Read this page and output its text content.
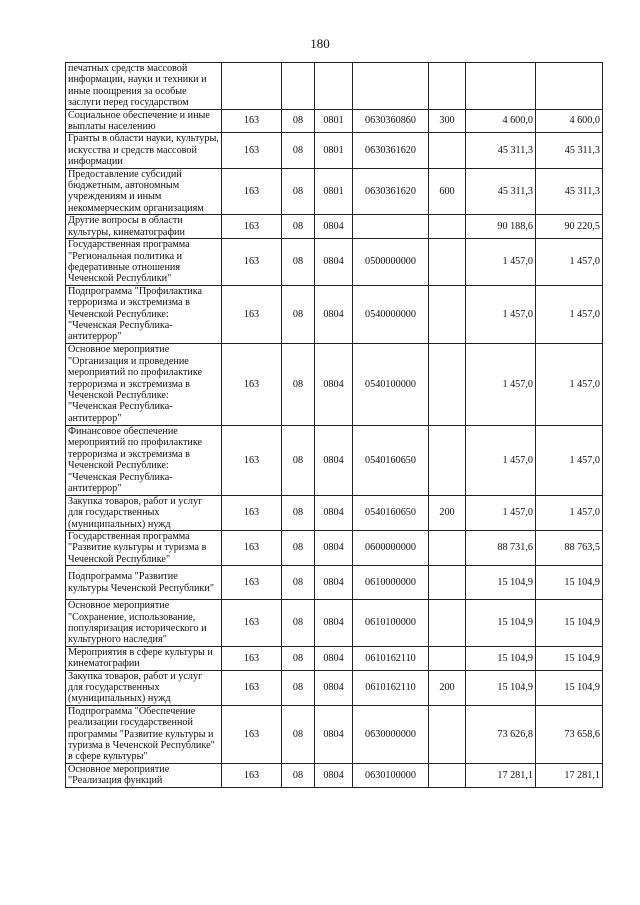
180
печатных средств массовой информации, науки и техники и иные поощрения за особые заслуги перед государством							
Социальное обеспечение и иные выплаты населению	163	08	0801	0630360860	300	4 600,0	4 600,0
Гранты в области науки, культуры, искусства и средств массовой информации	163	08	0801	0630361620		45 311,3	45 311,3
Предоставление субсидий бюджетным, автономным учреждениям и иным некоммерческим организациям	163	08	0801	0630361620	600	45 311,3	45 311,3
Другие вопросы в области культуры, кинематографии	163	08	0804			90 188,6	90 220,5
Государственная программа "Региональная политика и федеративные отношения Чеченской Республики"	163	08	0804	0500000000		1 457,0	1 457,0
Подпрограмма "Профилактика терроризма и экстремизма в Чеченской Республике: "Чеченская Республика-антитеррор"	163	08	0804	0540000000		1 457,0	1 457,0
Основное мероприятие "Организация и проведение мероприятий по профилактике терроризма и экстремизма в Чеченской Республике: "Чеченская Республика-антитеррор"	163	08	0804	0540100000		1 457,0	1 457,0
Финансовое обеспечение мероприятий по профилактике терроризма и экстремизма в Чеченской Республике: "Чеченская Республика-антитеррор"	163	08	0804	0540160650		1 457,0	1 457,0
Закупка товаров, работ и услуг для государственных (муниципальных) нужд	163	08	0804	0540160650	200	1 457,0	1 457,0
Государственная программа "Развитие культуры и туризма в Чеченской Республике"	163	08	0804	0600000000		88 731,6	88 763,5
Подпрограмма "Развитие культуры Чеченской Республики"	163	08	0804	0610000000		15 104,9	15 104,9
Основное мероприятие "Сохранение, использование, популяризация исторического и культурного наследия"	163	08	0804	0610100000		15 104,9	15 104,9
Мероприятия в сфере культуры и кинематографии	163	08	0804	0610162110		15 104,9	15 104,9
Закупка товаров, работ и услуг для государственных (муниципальных) нужд	163	08	0804	0610162110	200	15 104,9	15 104,9
Подпрограмма "Обеспечение реализации государственной программы "Развитие культуры и туризма в Чеченской Республике" в сфере культуры"	163	08	0804	0630000000		73 626,8	73 658,6
Основное мероприятие "Реализация функций	163	08	0804	0630100000		17 281,1	17 281,1
